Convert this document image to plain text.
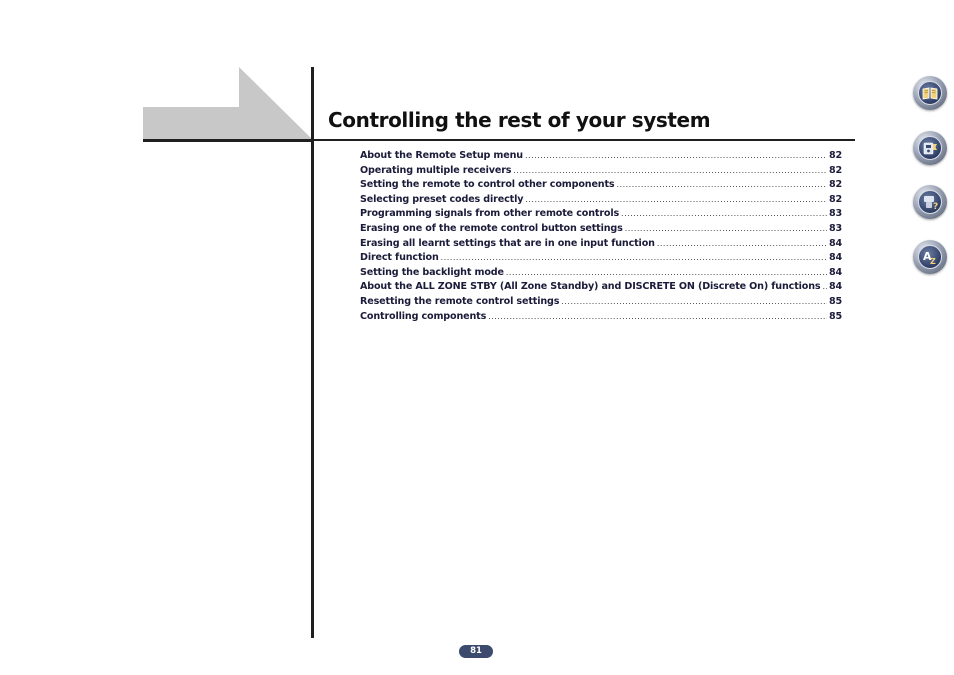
Controlling the rest of your system
About the Remote Setup menu .....	82
Operating multiple receivers .....	82
Setting the remote to control other components .....	82
Selecting preset codes directly .....	82
Programming signals from other remote controls .....	83
Erasing one of the remote control button settings .....	83
Erasing all learnt settings that are in one input function .....	84
Direct function .....	84
Setting the backlight mode .....	84
About the ALL ZONE STBY (All Zone Standby) and DISCRETE ON (Discrete On) functions ..... 84
Resetting the remote control settings .....	85
Controlling components .....	85
?
A
Z
81
